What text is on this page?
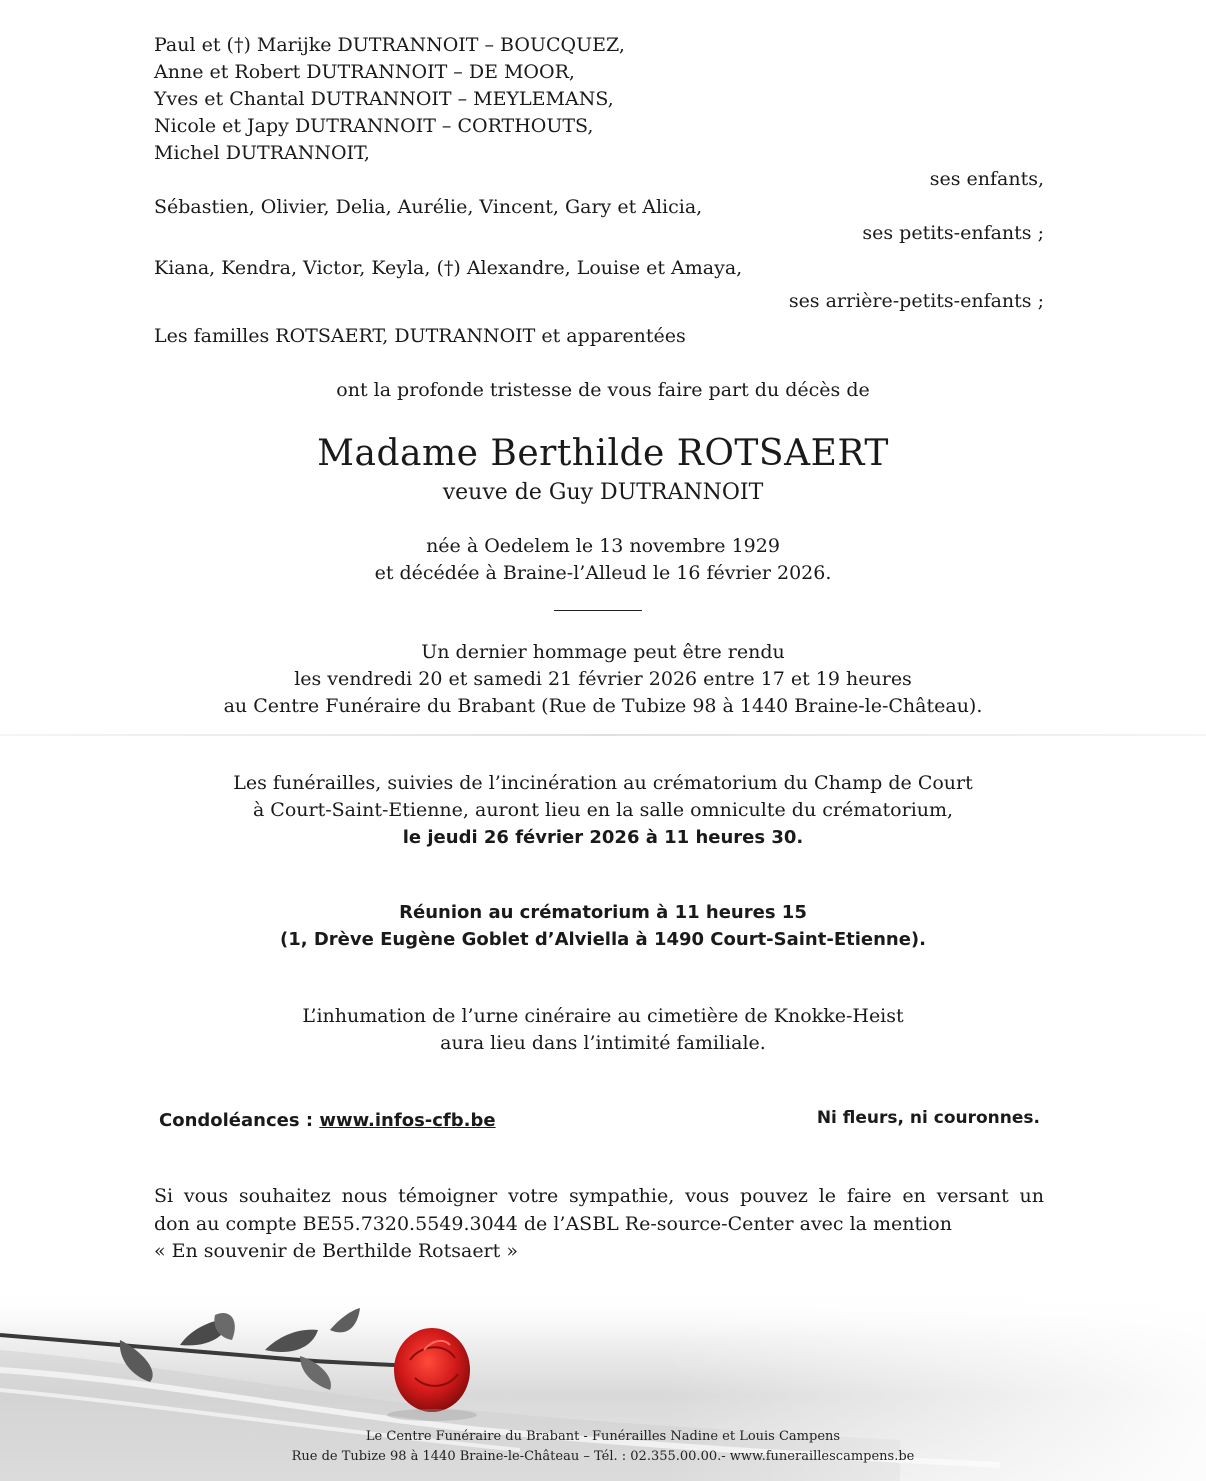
Paul et (†) Marijke DUTRANNOIT – BOUCQUEZ,
Anne et Robert DUTRANNOIT – DE MOOR,
Yves et Chantal DUTRANNOIT – MEYLEMANS,
Nicole et Japy DUTRANNOIT – CORTHOUTS,
Michel DUTRANNOIT,
ses enfants,
Sébastien, Olivier, Delia, Aurélie, Vincent, Gary et Alicia,
ses petits-enfants ;
Kiana, Kendra, Victor, Keyla, (†) Alexandre, Louise et Amaya,
ses arrière-petits-enfants ;
Les familles ROTSAERT, DUTRANNOIT et apparentées
ont la profonde tristesse de vous faire part du décès de
Madame Berthilde ROTSAERT
veuve de Guy DUTRANNOIT
née à Oedelem le 13 novembre 1929
et décédée à Braine-l’Alleud le 16 février 2026.
Un dernier hommage peut être rendu
les vendredi 20 et samedi 21 février 2026 entre 17 et 19 heures
au Centre Funéraire du Brabant (Rue de Tubize 98 à 1440 Braine-le-Château).
Les funérailles, suivies de l’incinération au crématorium du Champ de Court
à Court-Saint-Etienne, auront lieu en la salle omniculte du crématorium,
le jeudi 26 février 2026 à 11 heures 30.
Réunion au crématorium à 11 heures 15
(1, Drève Eugène Goblet d’Alviella à 1490 Court-Saint-Etienne).
L’inhumation de l’urne cinéraire au cimetière de Knokke-Heist
aura lieu dans l’intimité familiale.
Condoléances : www.infos-cfb.be	Ni fleurs, ni couronnes.

Si vous souhaitez nous témoigner votre sympathie, vous pouvez le faire en versant un

don au compte BE55.7320.5549.3044 de l’ASBL Re-source-Center avec la mention

« En souvenir de Berthilde Rotsaert »

Le Centre Funéraire du Brabant - Funérailles Nadine et Louis Campens
Rue de Tubize 98 à 1440 Braine-le-Château – Tél. : 02.355.00.00.- www.funeraillescampens.be
